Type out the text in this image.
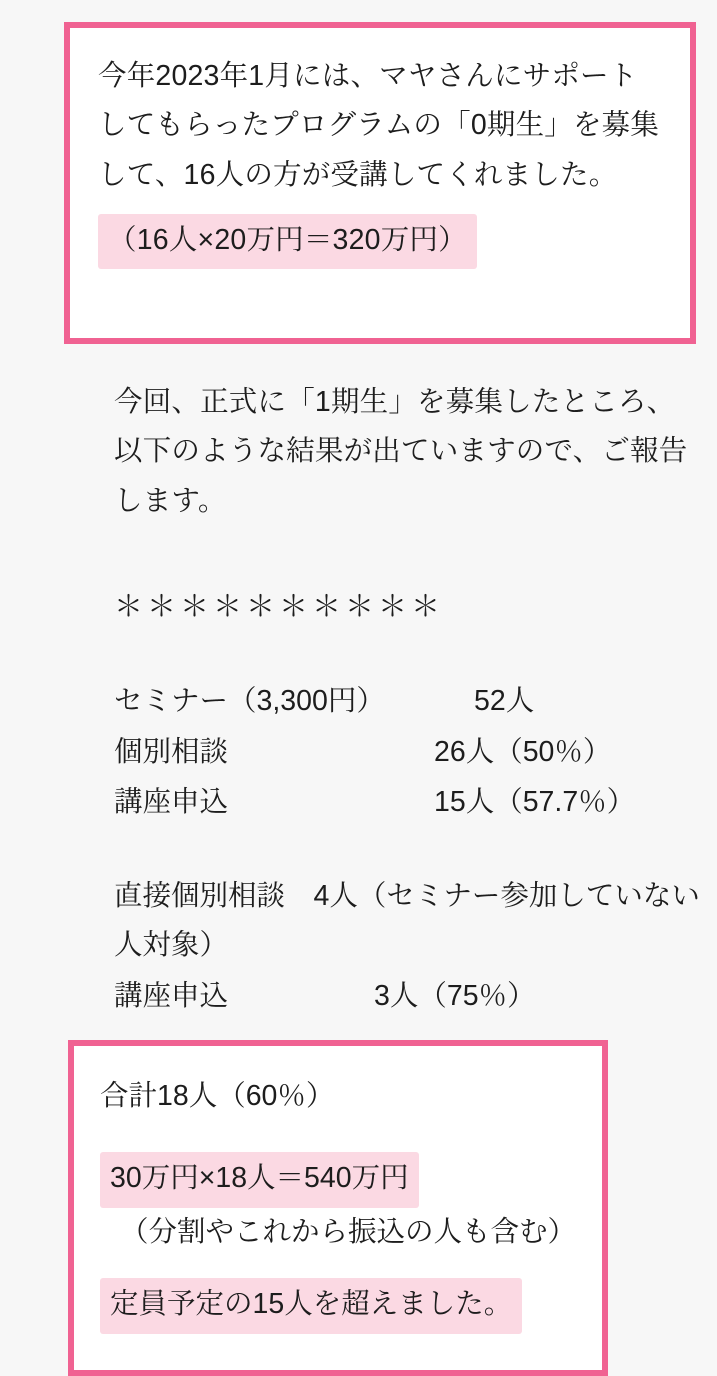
今年2023年1月には、マヤさんにサポートしてもらったプログラムの「0期生」を募集して、16人の方が受講してくれました。
（16人×20万円＝320万円）
今回、正式に「1期生」を募集したところ、以下のような結果が出ていますので、ご報告します。
＊＊＊＊＊＊＊＊＊＊
セミナー（3,300円）	52人
個別相談	26人（50％）
講座申込	15人（57.7％）
直接個別相談　4人（セミナー参加していない人対象）
講座申込	3人（75％）
合計18人（60％）
30万円×18人＝540万円
（分割やこれから振込の人も含む）
定員予定の15人を超えました。
